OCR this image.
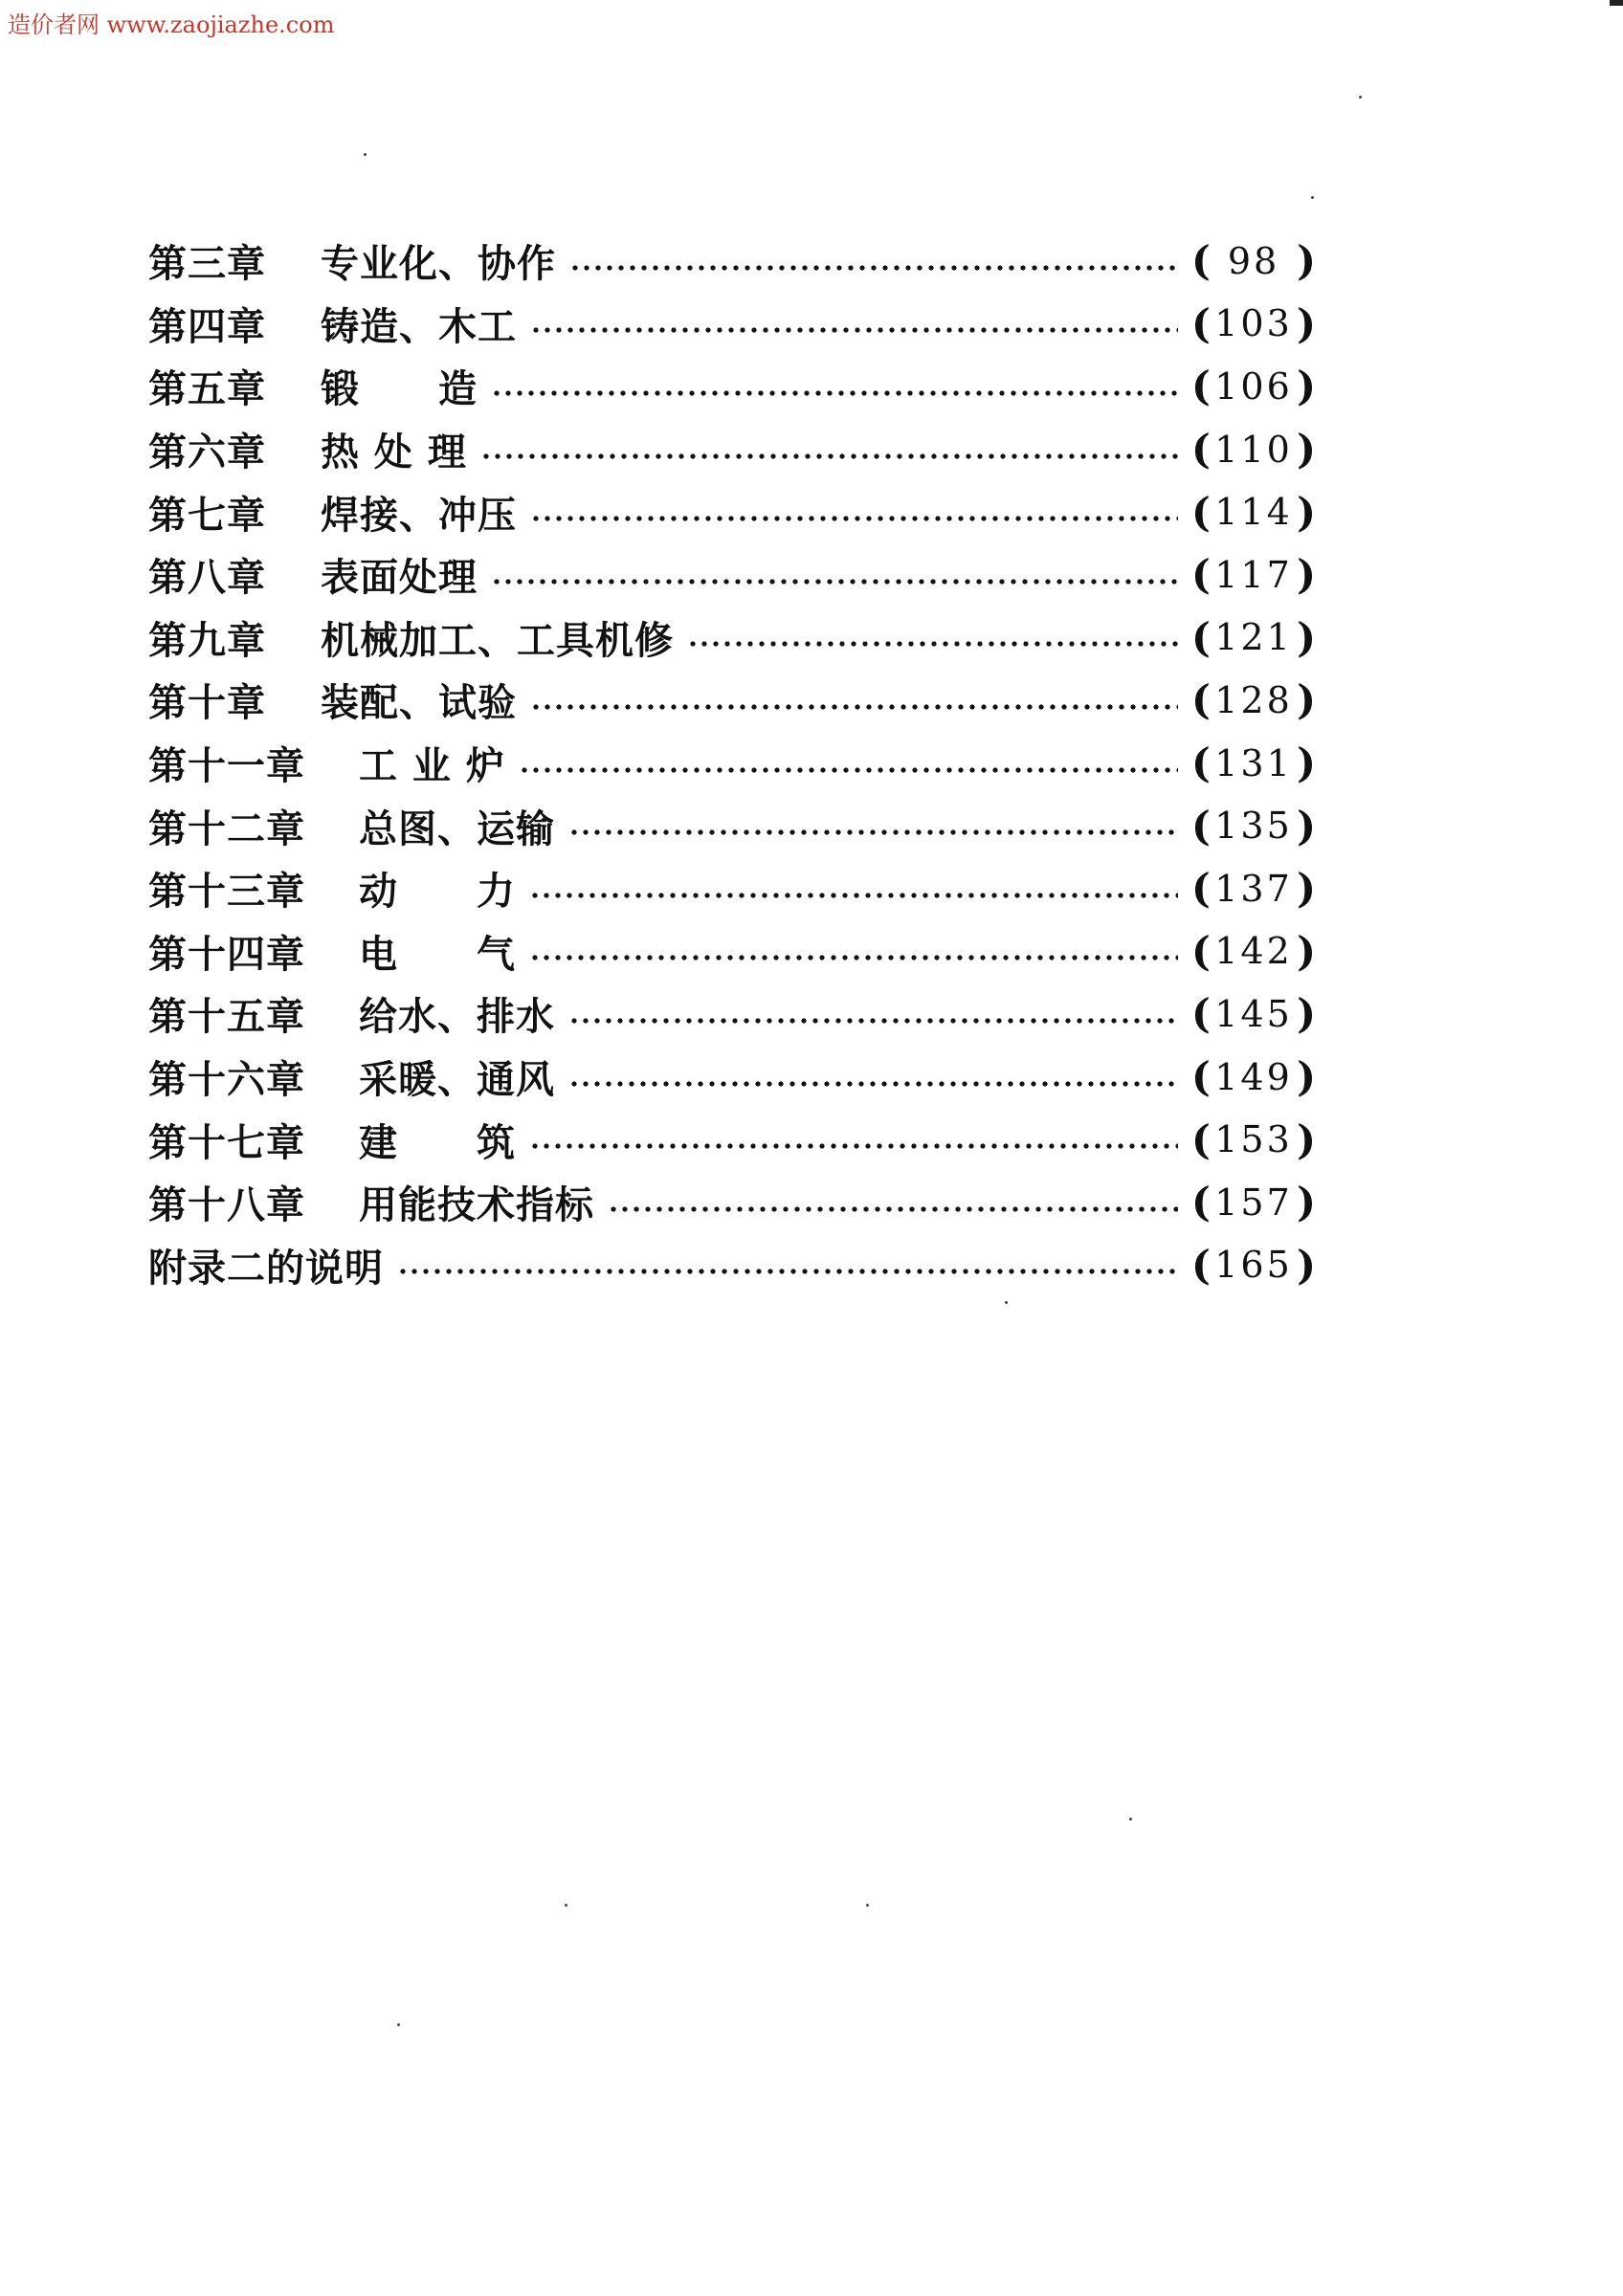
造价者网 www.zaojiazhe.com
第三章	专业化、协作	( 98 )
第四章	铸造、木工	( 103 )
第五章	锻　　造	( 106 )
第六章	热 处 理	( 110 )
第七章	焊接、冲压	( 114 )
第八章	表面处理	( 117 )
第九章	机械加工、工具机修	( 121 )
第十章	装配、试验	( 128 )
第十一章	工 业 炉	( 131 )
第十二章	总图、运输	( 135 )
第十三章	动　　力	( 137 )
第十四章	电　　气	( 142 )
第十五章	给水、排水	( 145 )
第十六章	采暖、通风	( 149 )
第十七章	建　　筑	( 153 )
第十八章	用能技术指标	( 157 )
附录二的说明	( 165 )
